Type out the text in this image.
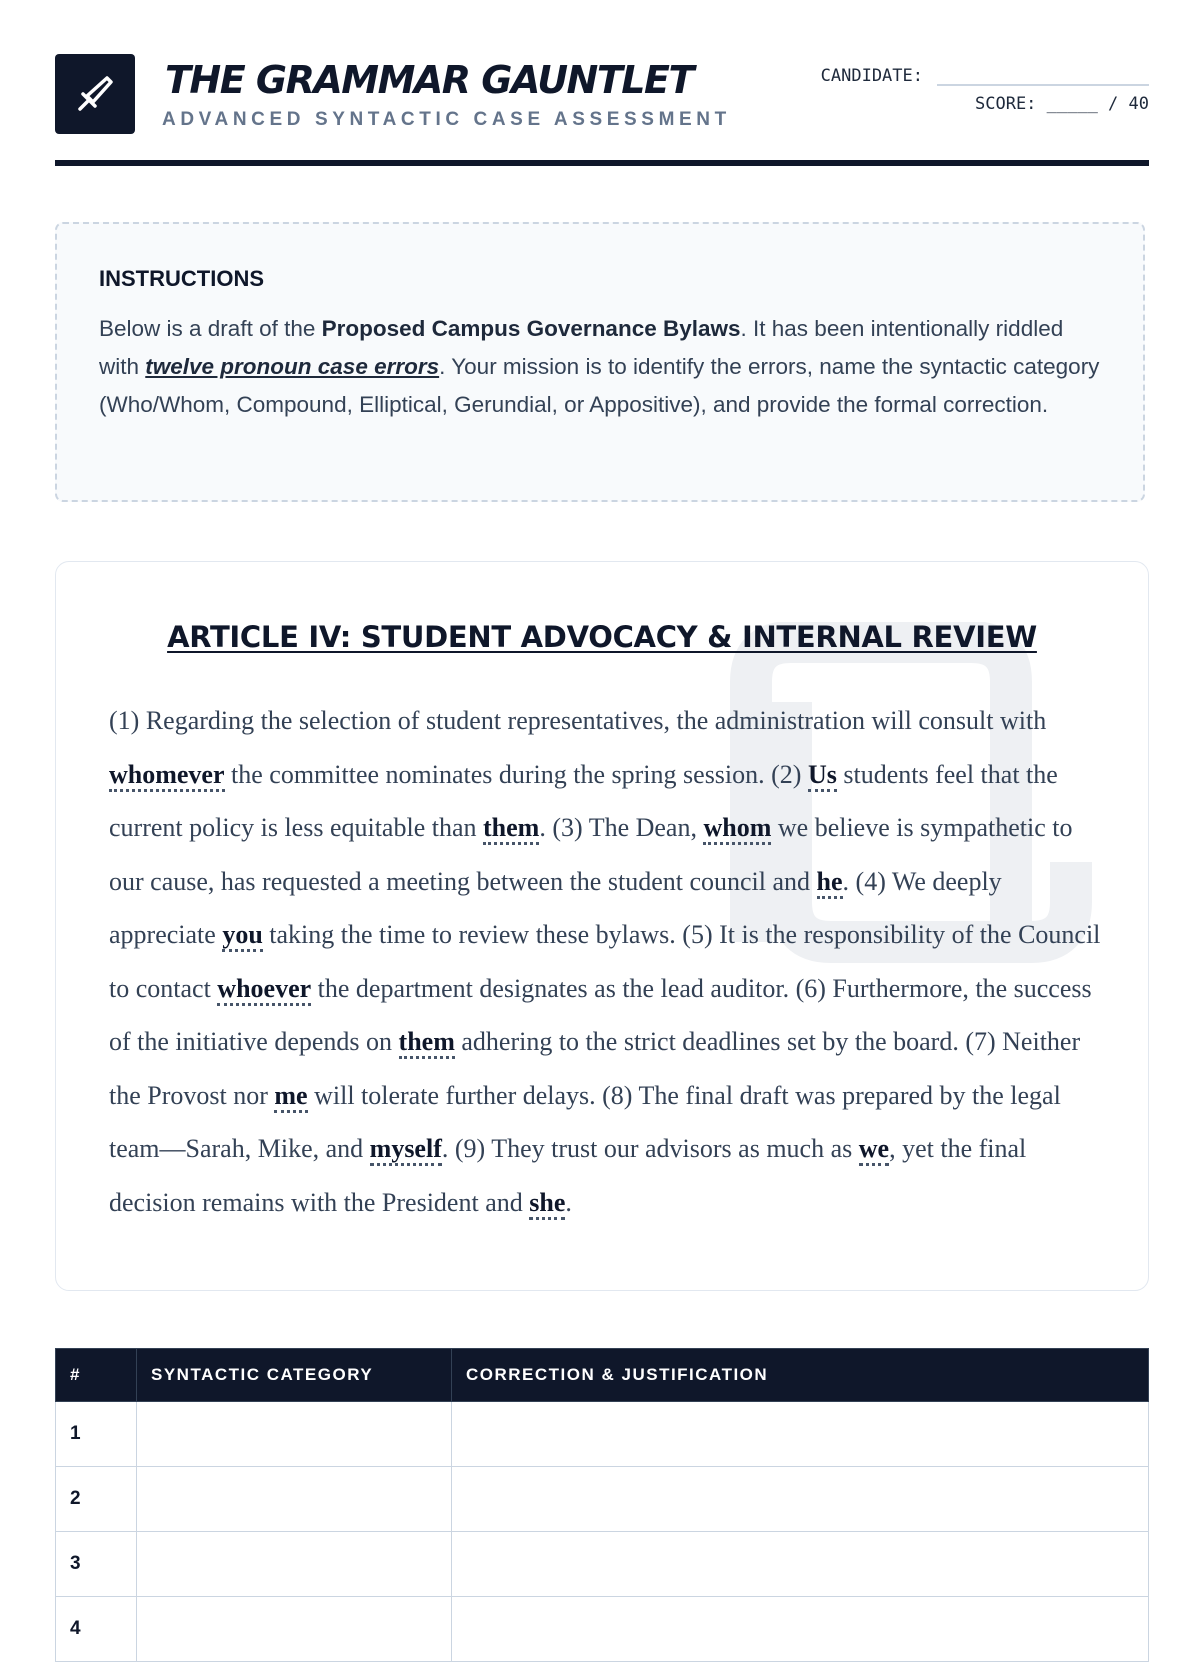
THE GRAMMAR GAUNTLET
ADVANCED SYNTACTIC CASE ASSESSMENT
CANDIDATE:
SCORE: _____ / 40
INSTRUCTIONS

Below is a draft of the Proposed Campus Governance Bylaws. It has been intentionally riddled with twelve pronoun case errors. Your mission is to identify the errors, name the syntactic category (Who/Whom, Compound, Elliptical, Gerundial, or Appositive), and provide the formal correction.

ARTICLE IV: STUDENT ADVOCACY & INTERNAL REVIEW
(1) Regarding the selection of student representatives, the administration will consult with whomever the committee nominates during the spring session. (2) Us students feel that the current policy is less equitable than them. (3) The Dean, whom we believe is sympathetic to our cause, has requested a meeting between the student council and he. (4) We deeply appreciate you taking the time to review these bylaws. (5) It is the responsibility of the Council to contact whoever the department designates as the lead auditor. (6) Furthermore, the success of the initiative depends on them adhering to the strict deadlines set by the board. (7) Neither the Provost nor me will tolerate further delays. (8) The final draft was prepared by the legal team—Sarah, Mike, and myself. (9) They trust our advisors as much as we, yet the final decision remains with the President and she.
#	SYNTACTIC CATEGORY	CORRECTION & JUSTIFICATION
1		
2		
3		
4		
